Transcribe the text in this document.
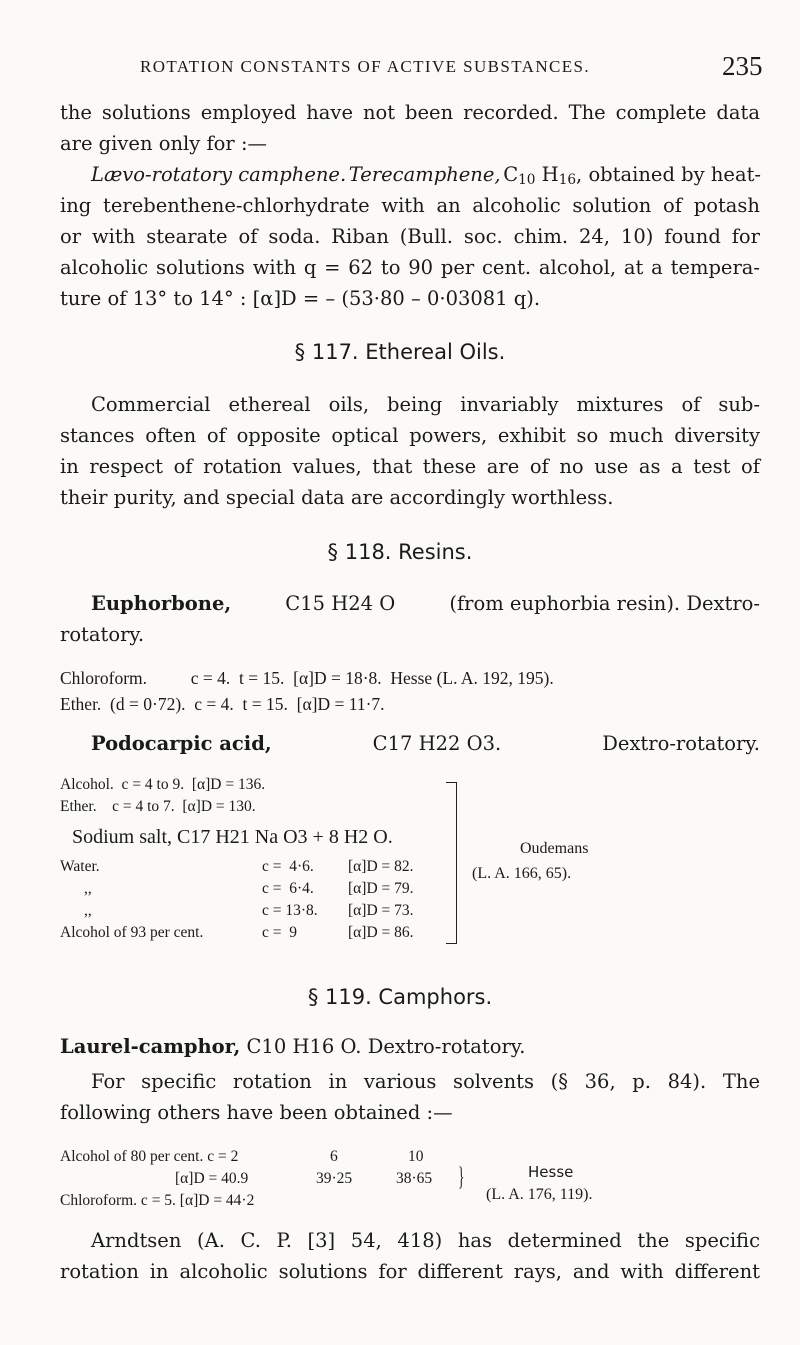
ROTATION CONSTANTS OF ACTIVE SUBSTANCES.	235
the solutions employed have not been recorded. The complete data
are given only for :—
Lævo-rotatory camphene. Terecamphene, $C_{10}$ $H_{16}$, obtained by heat-
ing terebenthene-chlorhydrate with an alcoholic solution of potash
or with stearate of soda. Riban (Bull. soc. chim. 24, 10) found for
alcoholic solutions with q = 62 to 90 per cent. alcohol, at a tempera-
ture of 13° to 14° : [α]D = – (53·80 – 0·03081 q).
§ 117. Ethereal Oils.
Commercial ethereal oils, being invariably mixtures of sub-
stances often of opposite optical powers, exhibit so much diversity
in respect of rotation values, that these are of no use as a test of
their purity, and special data are accordingly worthless.
§ 118. Resins.
Euphorbone,	C15 H24 O	(from euphorbia resin). Dextro-
rotatory.
Chloroform.          c = 4.  t = 15.  [α]D = 18·8.  Hesse (L. A. 192, 195).
Ether.  (d = 0·72).  c = 4.  t = 15.  [α]D = 11·7.
Podocarpic acid,	C17 H22 O3.	Dextro-rotatory.
Alcohol.  c = 4 to 9.  [α]D = 136.
Ether.    c = 4 to 7.  [α]D = 130.
Sodium salt, C17 H21 Na O3 + 8 H2 O.
Water.	c =  4·6. [α]D = 82.
,,	c =  6·4. [α]D = 79.
,,	c = 13·8. [α]D = 73.
Alcohol of 93 per cent.	c =  9	[α]D = 86.
Oudemans
(L. A. 166, 65).
§ 119. Camphors.
Laurel-camphor, C10 H16 O. Dextro-rotatory.
For specific rotation in various solvents (§ 36, p. 84). The
following others have been obtained :—
Alcohol of 80 per cent. c = 2	6	10
[α]D = 40.9	39·25	38·65
Chloroform. c = 5. [α]D = 44·2
}	Hesse
(L. A. 176, 119).
Arndtsen (A. C. P. [3] 54, 418) has determined the specific
rotation in alcoholic solutions for different rays, and with different
